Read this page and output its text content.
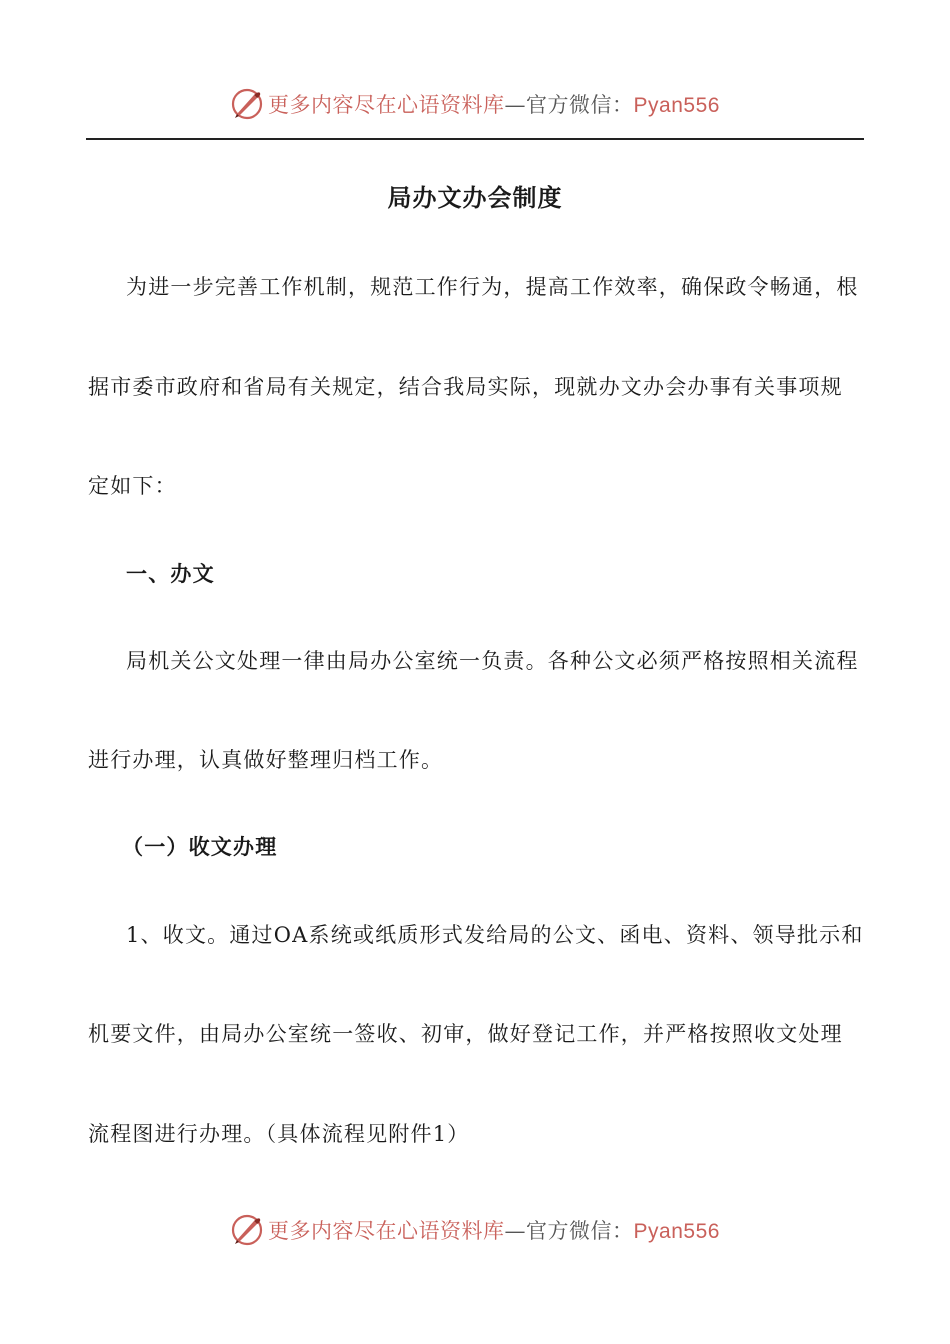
更多内容尽在心语资料库—官方微信：Pyan556
局办文办会制度
为进一步完善工作机制，规范工作行为，提高工作效率，确保政令畅通，根
据市委市政府和省局有关规定，结合我局实际，现就办文办会办事有关事项规
定如下：
一、办文
局机关公文处理一律由局办公室统一负责。各种公文必须严格按照相关流程
进行办理，认真做好整理归档工作。
（一）收文办理
1、收文。通过OA系统或纸质形式发给局的公文、函电、资料、领导批示和
机要文件，由局办公室统一签收、初审，做好登记工作，并严格按照收文处理
流程图进行办理。（具体流程见附件1）
更多内容尽在心语资料库—官方微信：Pyan556
